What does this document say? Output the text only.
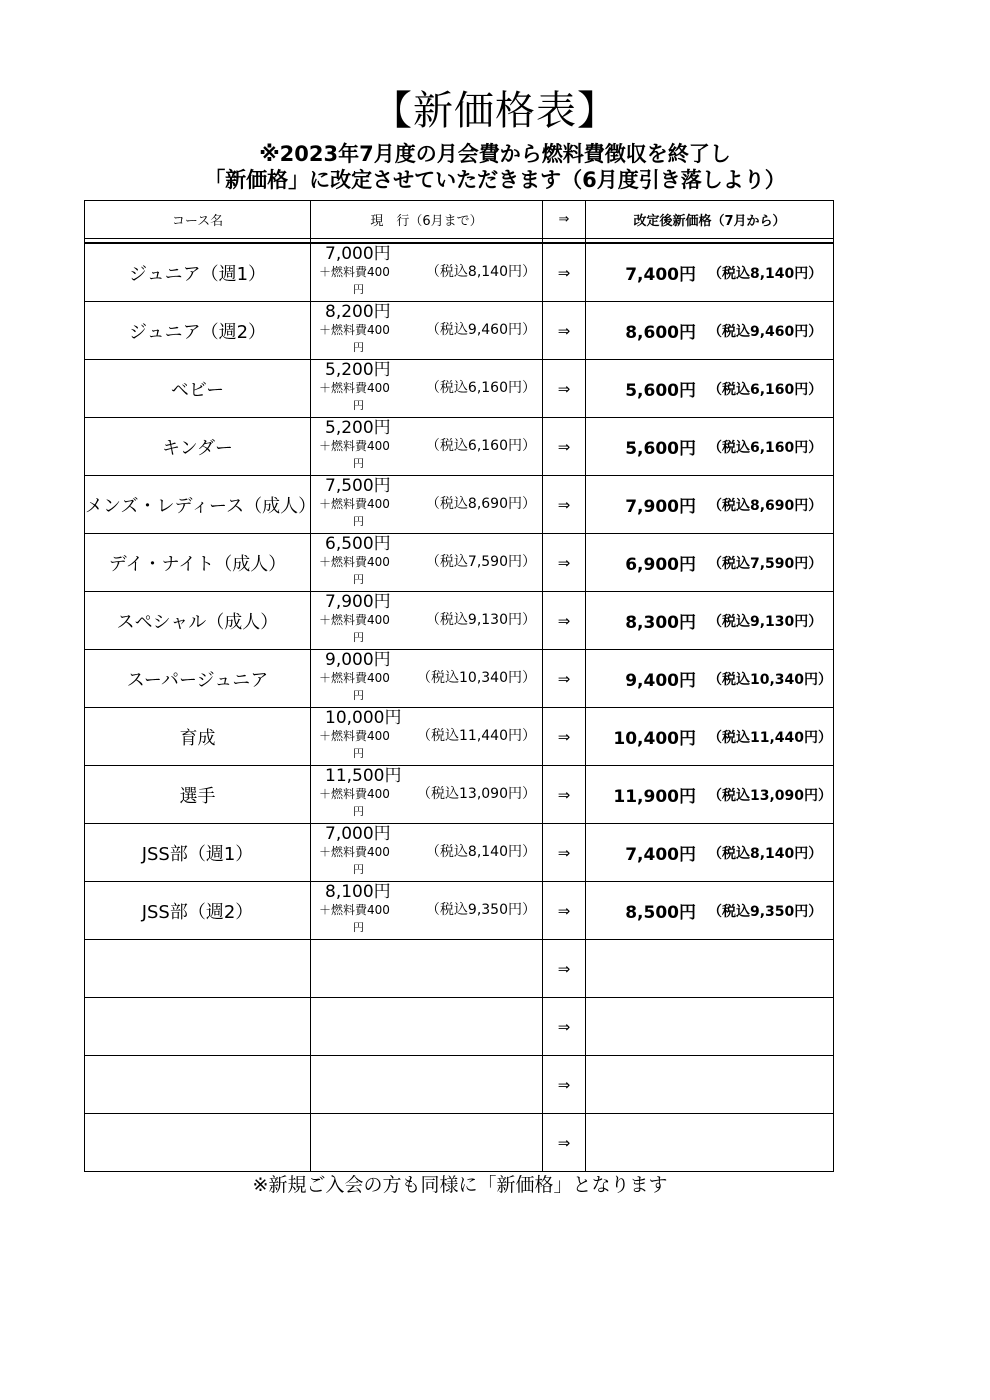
【新価格表】
※2023年7月度の月会費から燃料費徴収を終了し
「新価格」に改定させていただきます（6月度引き落しより）
コース名	現　行（6月まで）	⇒	改定後新価格（7月から）

ジュニア（週1）	7,000円
＋燃料費400
円
（税込8,140円）	⇒	7,400円 （税込8,140円）

ジュニア（週2）	8,200円
＋燃料費400
円
（税込9,460円）	⇒	8,600円 （税込9,460円）

ベビー	5,200円
＋燃料費400
円
（税込6,160円）	⇒	5,600円 （税込6,160円）

キンダー	5,200円
＋燃料費400
円
（税込6,160円）	⇒	5,600円 （税込6,160円）

メンズ・レディース（成人）	7,500円
＋燃料費400
円
（税込8,690円）	⇒	7,900円 （税込8,690円）

デイ・ナイト（成人）	6,500円
＋燃料費400
円
（税込7,590円）	⇒	6,900円 （税込7,590円）

スペシャル（成人）	7,900円
＋燃料費400
円
（税込9,130円）	⇒	8,300円 （税込9,130円）

スーパージュニア	9,000円
＋燃料費400
円
（税込10,340円）	⇒	9,400円 （税込10,340円）

育成	10,000円
＋燃料費400
円
（税込11,440円）	⇒	10,400円 （税込11,440円）

選手	11,500円
＋燃料費400
円
（税込13,090円）	⇒	11,900円 （税込13,090円）

JSS部（週1）	7,000円
＋燃料費400
円
（税込8,140円）	⇒	7,400円 （税込8,140円）

JSS部（週2）	8,100円
＋燃料費400
円
（税込9,350円）	⇒	8,500円 （税込9,350円）

		⇒	
		⇒	
		⇒	
		⇒	
※新規ご入会の方も同様に「新価格」となります
